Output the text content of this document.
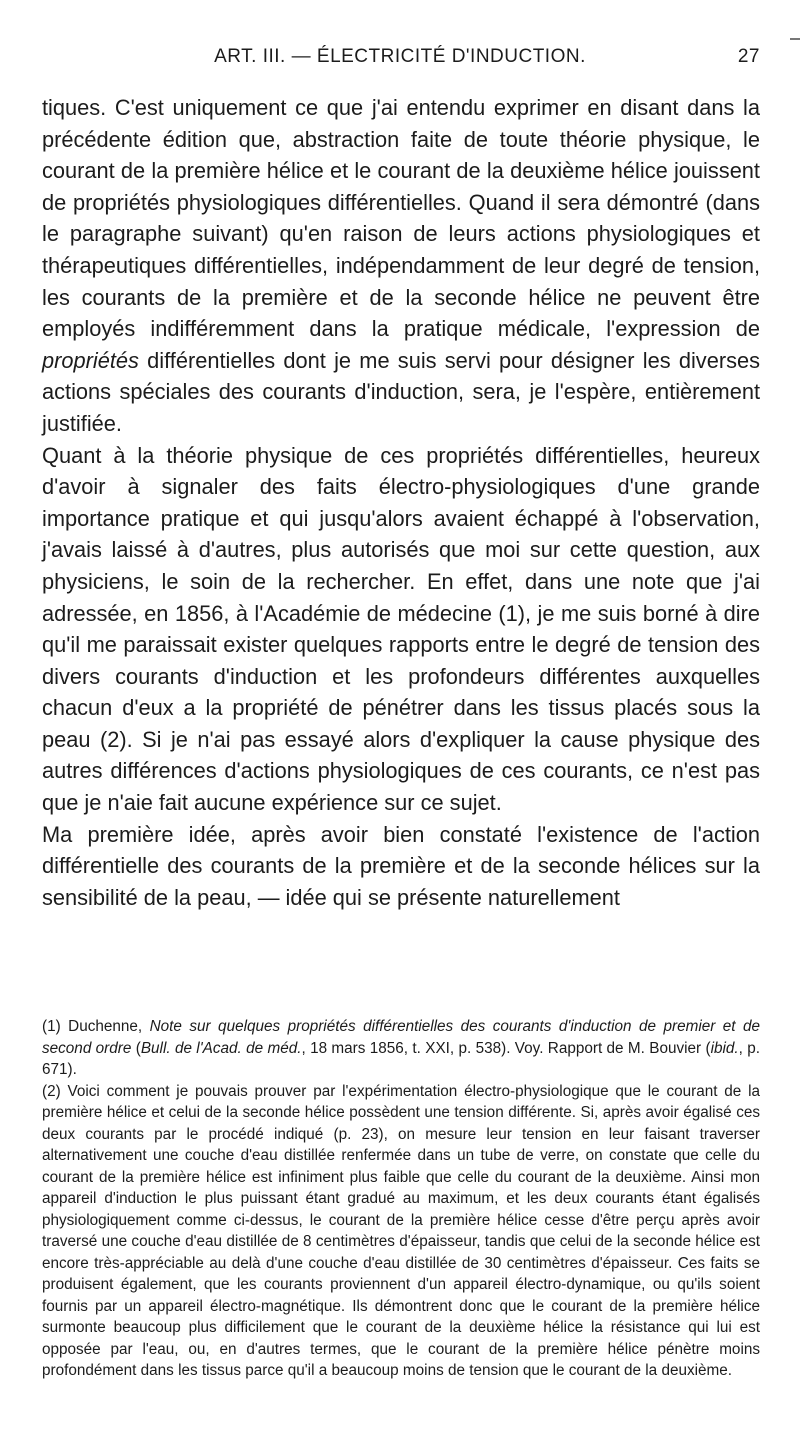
ART. III. — ÉLECTRICITÉ D'INDUCTION.	27

tiques. C'est uniquement ce que j'ai entendu exprimer en disant dans la précédente édition que, abstraction faite de toute théorie physique, le courant de la première hélice et le courant de la deuxième hélice jouissent de propriétés physiologiques différentielles. Quand il sera démontré (dans le paragraphe suivant) qu'en raison de leurs actions physiologiques et thérapeutiques différentielles, indépendamment de leur degré de tension, les courants de la première et de la seconde hélice ne peuvent être employés indifféremment dans la pratique médicale, l'expression de propriétés différentielles dont je me suis servi pour désigner les diverses actions spéciales des courants d'induction, sera, je l'espère, entièrement justifiée.

Quant à la théorie physique de ces propriétés différentielles, heureux d'avoir à signaler des faits électro-physiologiques d'une grande importance pratique et qui jusqu'alors avaient échappé à l'observation, j'avais laissé à d'autres, plus autorisés que moi sur cette question, aux physiciens, le soin de la rechercher. En effet, dans une note que j'ai adressée, en 1856, à l'Académie de médecine (1), je me suis borné à dire qu'il me paraissait exister quelques rapports entre le degré de tension des divers courants d'induction et les profondeurs différentes auxquelles chacun d'eux a la propriété de pénétrer dans les tissus placés sous la peau (2). Si je n'ai pas essayé alors d'expliquer la cause physique des autres différences d'actions physiologiques de ces courants, ce n'est pas que je n'aie fait aucune expérience sur ce sujet.

Ma première idée, après avoir bien constaté l'existence de l'action différentielle des courants de la première et de la seconde hélices sur la sensibilité de la peau, — idée qui se présente naturellement

(1) Duchenne, Note sur quelques propriétés différentielles des courants d'induction de premier et de second ordre (Bull. de l'Acad. de méd., 18 mars 1856, t. XXI, p. 538). Voy. Rapport de M. Bouvier (ibid., p. 671).

(2) Voici comment je pouvais prouver par l'expérimentation électro-physiologique que le courant de la première hélice et celui de la seconde hélice possèdent une tension différente. Si, après avoir égalisé ces deux courants par le procédé indiqué (p. 23), on mesure leur tension en leur faisant traverser alternativement une couche d'eau distillée renfermée dans un tube de verre, on constate que celle du courant de la première hélice est infiniment plus faible que celle du courant de la deuxième. Ainsi mon appareil d'induction le plus puissant étant gradué au maximum, et les deux courants étant égalisés physiologiquement comme ci-dessus, le courant de la première hélice cesse d'être perçu après avoir traversé une couche d'eau distillée de 8 centimètres d'épaisseur, tandis que celui de la seconde hélice est encore très-appréciable au delà d'une couche d'eau distillée de 30 centimètres d'épaisseur. Ces faits se produisent également, que les courants proviennent d'un appareil électro-dynamique, ou qu'ils soient fournis par un appareil électro-magnétique. Ils démontrent donc que le courant de la première hélice surmonte beaucoup plus difficilement que le courant de la deuxième hélice la résistance qui lui est opposée par l'eau, ou, en d'autres termes, que le courant de la première hélice pénètre moins profondément dans les tissus parce qu'il a beaucoup moins de tension que le courant de la deuxième.
